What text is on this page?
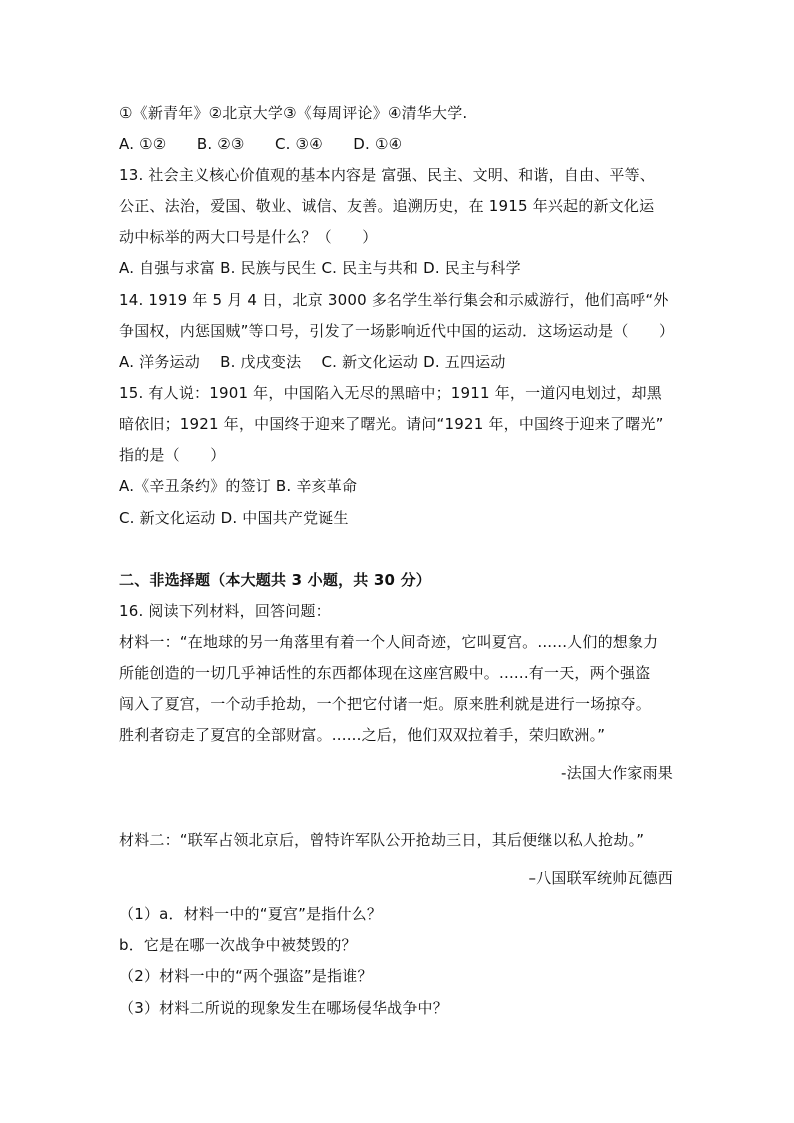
①《新青年》②北京大学③《每周评论》④清华大学.
A. ①②　　B. ②③　　C. ③④　　D. ①④
13. 社会主义核心价值观的基本内容是 富强、民主、文明、和谐，自由、平等、
公正、法治，爱国、敬业、诚信、友善。追溯历史，在 1915 年兴起的新文化运
动中标举的两大口号是什么？（　　）
A. 自强与求富 B. 民族与民生 C. 民主与共和 D. 民主与科学
14. 1919 年 5 月 4 日，北京 3000 多名学生举行集会和示威游行，他们高呼“外
争国权，内惩国贼”等口号，引发了一场影响近代中国的运动．这场运动是（　　）
A. 洋务运动　 B. 戊戌变法　 C. 新文化运动 D. 五四运动
15. 有人说：1901 年，中国陷入无尽的黑暗中；1911 年，一道闪电划过，却黑
暗依旧；1921 年，中国终于迎来了曙光。请问“1921 年，中国终于迎来了曙光”
指的是（　　）
A.《辛丑条约》的签订 B. 辛亥革命
C. 新文化运动 D. 中国共产党诞生
二、非选择题（本大题共 3 小题，共 30 分）
16. 阅读下列材料，回答问题：
材料一：“在地球的另一角落里有着一个人间奇迹，它叫夏宫。......人们的想象力
所能创造的一切几乎神话性的东西都体现在这座宫殿中。......有一天，两个强盗
闯入了夏宫，一个动手抢劫，一个把它付诸一炬。原来胜利就是进行一场掠夺。
胜利者窃走了夏宫的全部财富。......之后，他们双双拉着手，荣归欧洲。”
-法国大作家雨果
材料二：“联军占领北京后，曾特许军队公开抢劫三日，其后便继以私人抢劫。”
–八国联军统帅瓦德西
（1）a．材料一中的“夏宫”是指什么？
b．它是在哪一次战争中被焚毁的？
（2）材料一中的“两个强盗”是指谁？
（3）材料二所说的现象发生在哪场侵华战争中？
